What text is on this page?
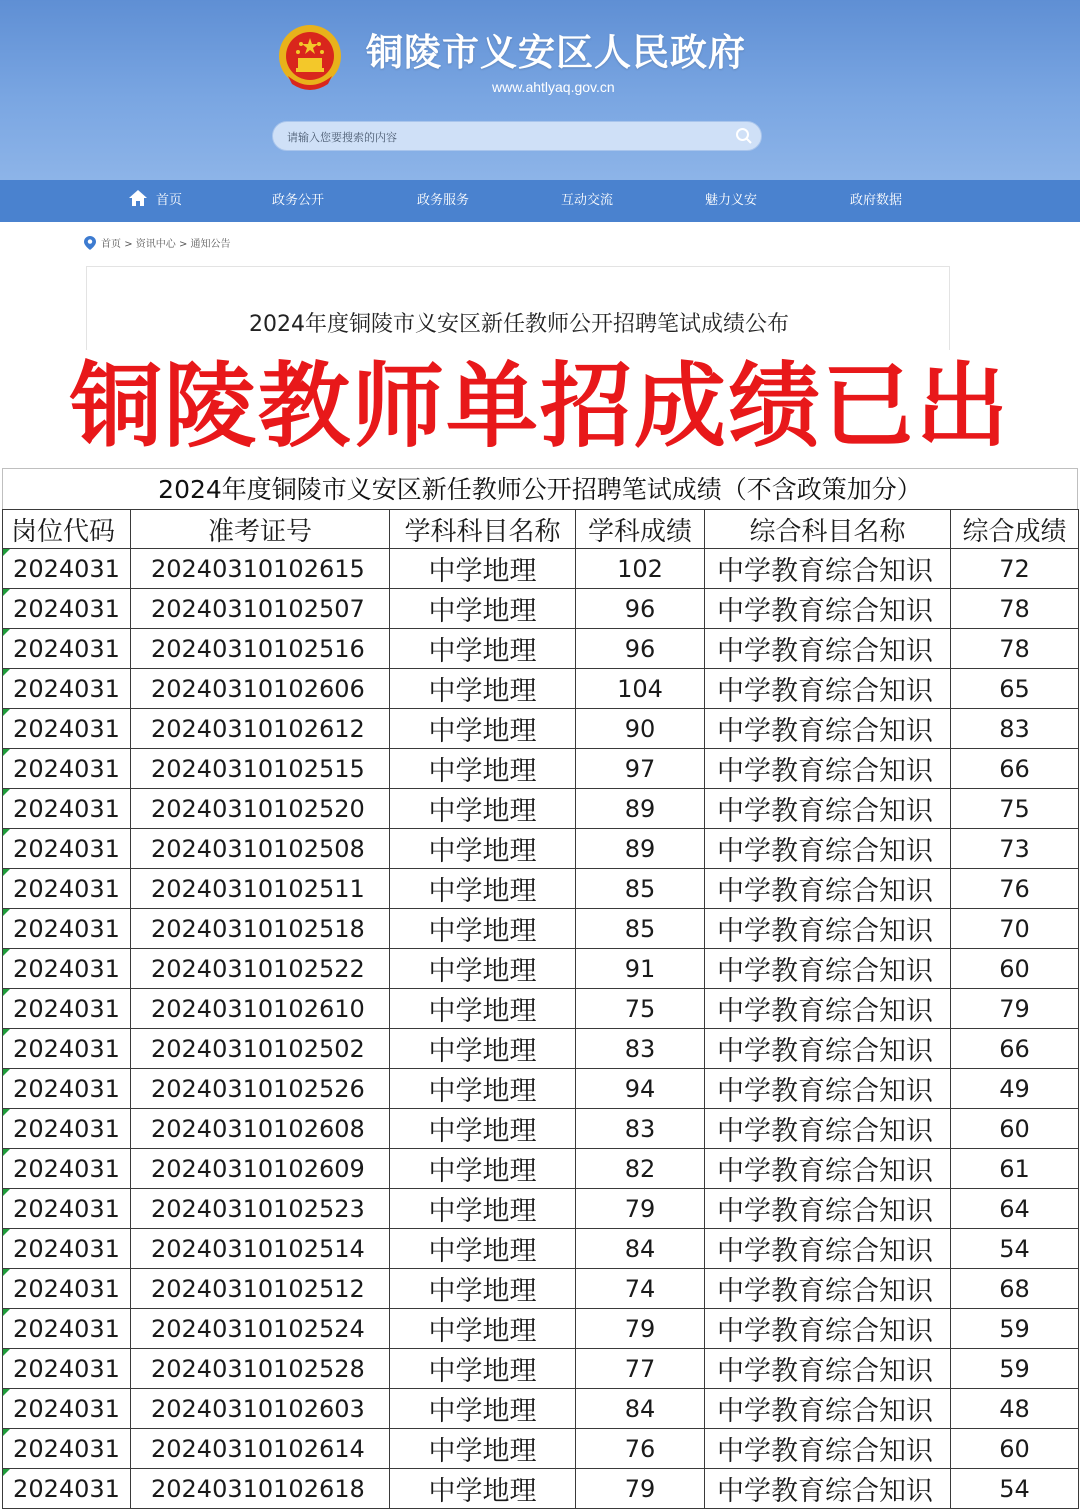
铜陵市义安区人民政府
www.ahtlyaq.gov.cn
请输入您要搜索的内容
首页	政务公开	政务服务	互动交流	魅力义安	政府数据
首页 > 资讯中心 > 通知公告
2024年度铜陵市义安区新任教师公开招聘笔试成绩公布
铜陵教师单招成绩已出
2024年度铜陵市义安区新任教师公开招聘笔试成绩（不含政策加分）
岗位代码	准考证号	学科科目名称	学科成绩	综合科目名称	综合成绩
2024031	20240310102615	中学地理	102	中学教育综合知识	72
2024031	20240310102507	中学地理	96	中学教育综合知识	78
2024031	20240310102516	中学地理	96	中学教育综合知识	78
2024031	20240310102606	中学地理	104	中学教育综合知识	65
2024031	20240310102612	中学地理	90	中学教育综合知识	83
2024031	20240310102515	中学地理	97	中学教育综合知识	66
2024031	20240310102520	中学地理	89	中学教育综合知识	75
2024031	20240310102508	中学地理	89	中学教育综合知识	73
2024031	20240310102511	中学地理	85	中学教育综合知识	76
2024031	20240310102518	中学地理	85	中学教育综合知识	70
2024031	20240310102522	中学地理	91	中学教育综合知识	60
2024031	20240310102610	中学地理	75	中学教育综合知识	79
2024031	20240310102502	中学地理	83	中学教育综合知识	66
2024031	20240310102526	中学地理	94	中学教育综合知识	49
2024031	20240310102608	中学地理	83	中学教育综合知识	60
2024031	20240310102609	中学地理	82	中学教育综合知识	61
2024031	20240310102523	中学地理	79	中学教育综合知识	64
2024031	20240310102514	中学地理	84	中学教育综合知识	54
2024031	20240310102512	中学地理	74	中学教育综合知识	68
2024031	20240310102524	中学地理	79	中学教育综合知识	59
2024031	20240310102528	中学地理	77	中学教育综合知识	59
2024031	20240310102603	中学地理	84	中学教育综合知识	48
2024031	20240310102614	中学地理	76	中学教育综合知识	60
2024031	20240310102618	中学地理	79	中学教育综合知识	54
